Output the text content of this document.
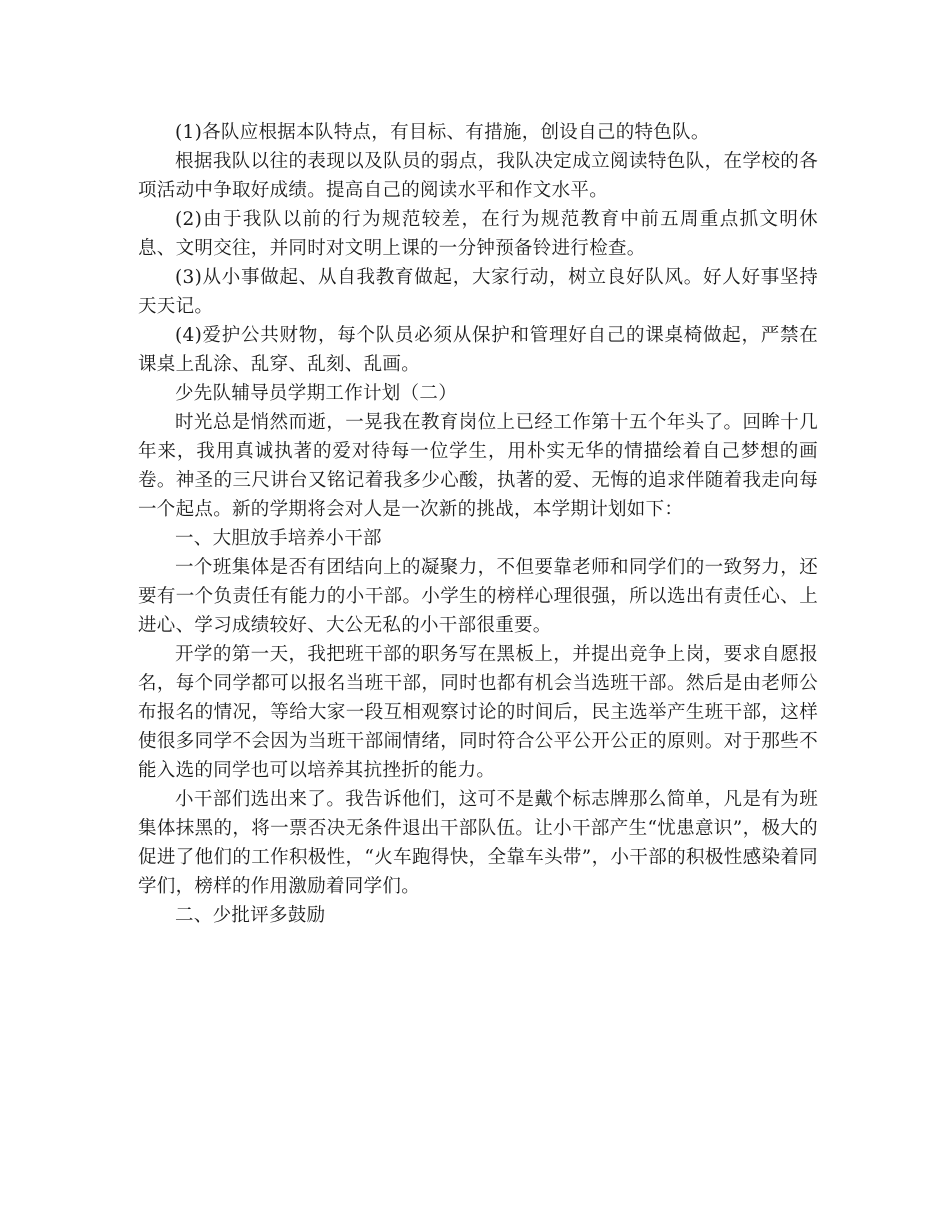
(1)各队应根据本队特点，有目标、有措施，创设自己的特色队。

根据我队以往的表现以及队员的弱点，我队决定成立阅读特色队，在学校的各项活动中争取好成绩。提高自己的阅读水平和作文水平。

(2)由于我队以前的行为规范较差，在行为规范教育中前五周重点抓文明休息、文明交往，并同时对文明上课的一分钟预备铃进行检查。

(3)从小事做起、从自我教育做起，大家行动，树立良好队风。好人好事坚持天天记。

(4)爱护公共财物，每个队员必须从保护和管理好自己的课桌椅做起，严禁在课桌上乱涂、乱穿、乱刻、乱画。

少先队辅导员学期工作计划（二）

时光总是悄然而逝，一晃我在教育岗位上已经工作第十五个年头了。回眸十几年来，我用真诚执著的爱对待每一位学生，用朴实无华的情描绘着自己梦想的画卷。神圣的三尺讲台又铭记着我多少心酸，执著的爱、无悔的追求伴随着我走向每一个起点。新的学期将会对人是一次新的挑战，本学期计划如下：

一、大胆放手培养小干部

一个班集体是否有团结向上的凝聚力，不但要靠老师和同学们的一致努力，还要有一个负责任有能力的小干部。小学生的榜样心理很强，所以选出有责任心、上进心、学习成绩较好、大公无私的小干部很重要。

开学的第一天，我把班干部的职务写在黑板上，并提出竞争上岗，要求自愿报名，每个同学都可以报名当班干部，同时也都有机会当选班干部。然后是由老师公布报名的情况，等给大家一段互相观察讨论的时间后，民主选举产生班干部，这样使很多同学不会因为当班干部闹情绪，同时符合公平公开公正的原则。对于那些不能入选的同学也可以培养其抗挫折的能力。

小干部们选出来了。我告诉他们，这可不是戴个标志牌那么简单，凡是有为班集体抹黑的，将一票否决无条件退出干部队伍。让小干部产生“忧患意识”，极大的促进了他们的工作积极性，“火车跑得快，全靠车头带”，小干部的积极性感染着同学们，榜样的作用激励着同学们。

二、少批评多鼓励
